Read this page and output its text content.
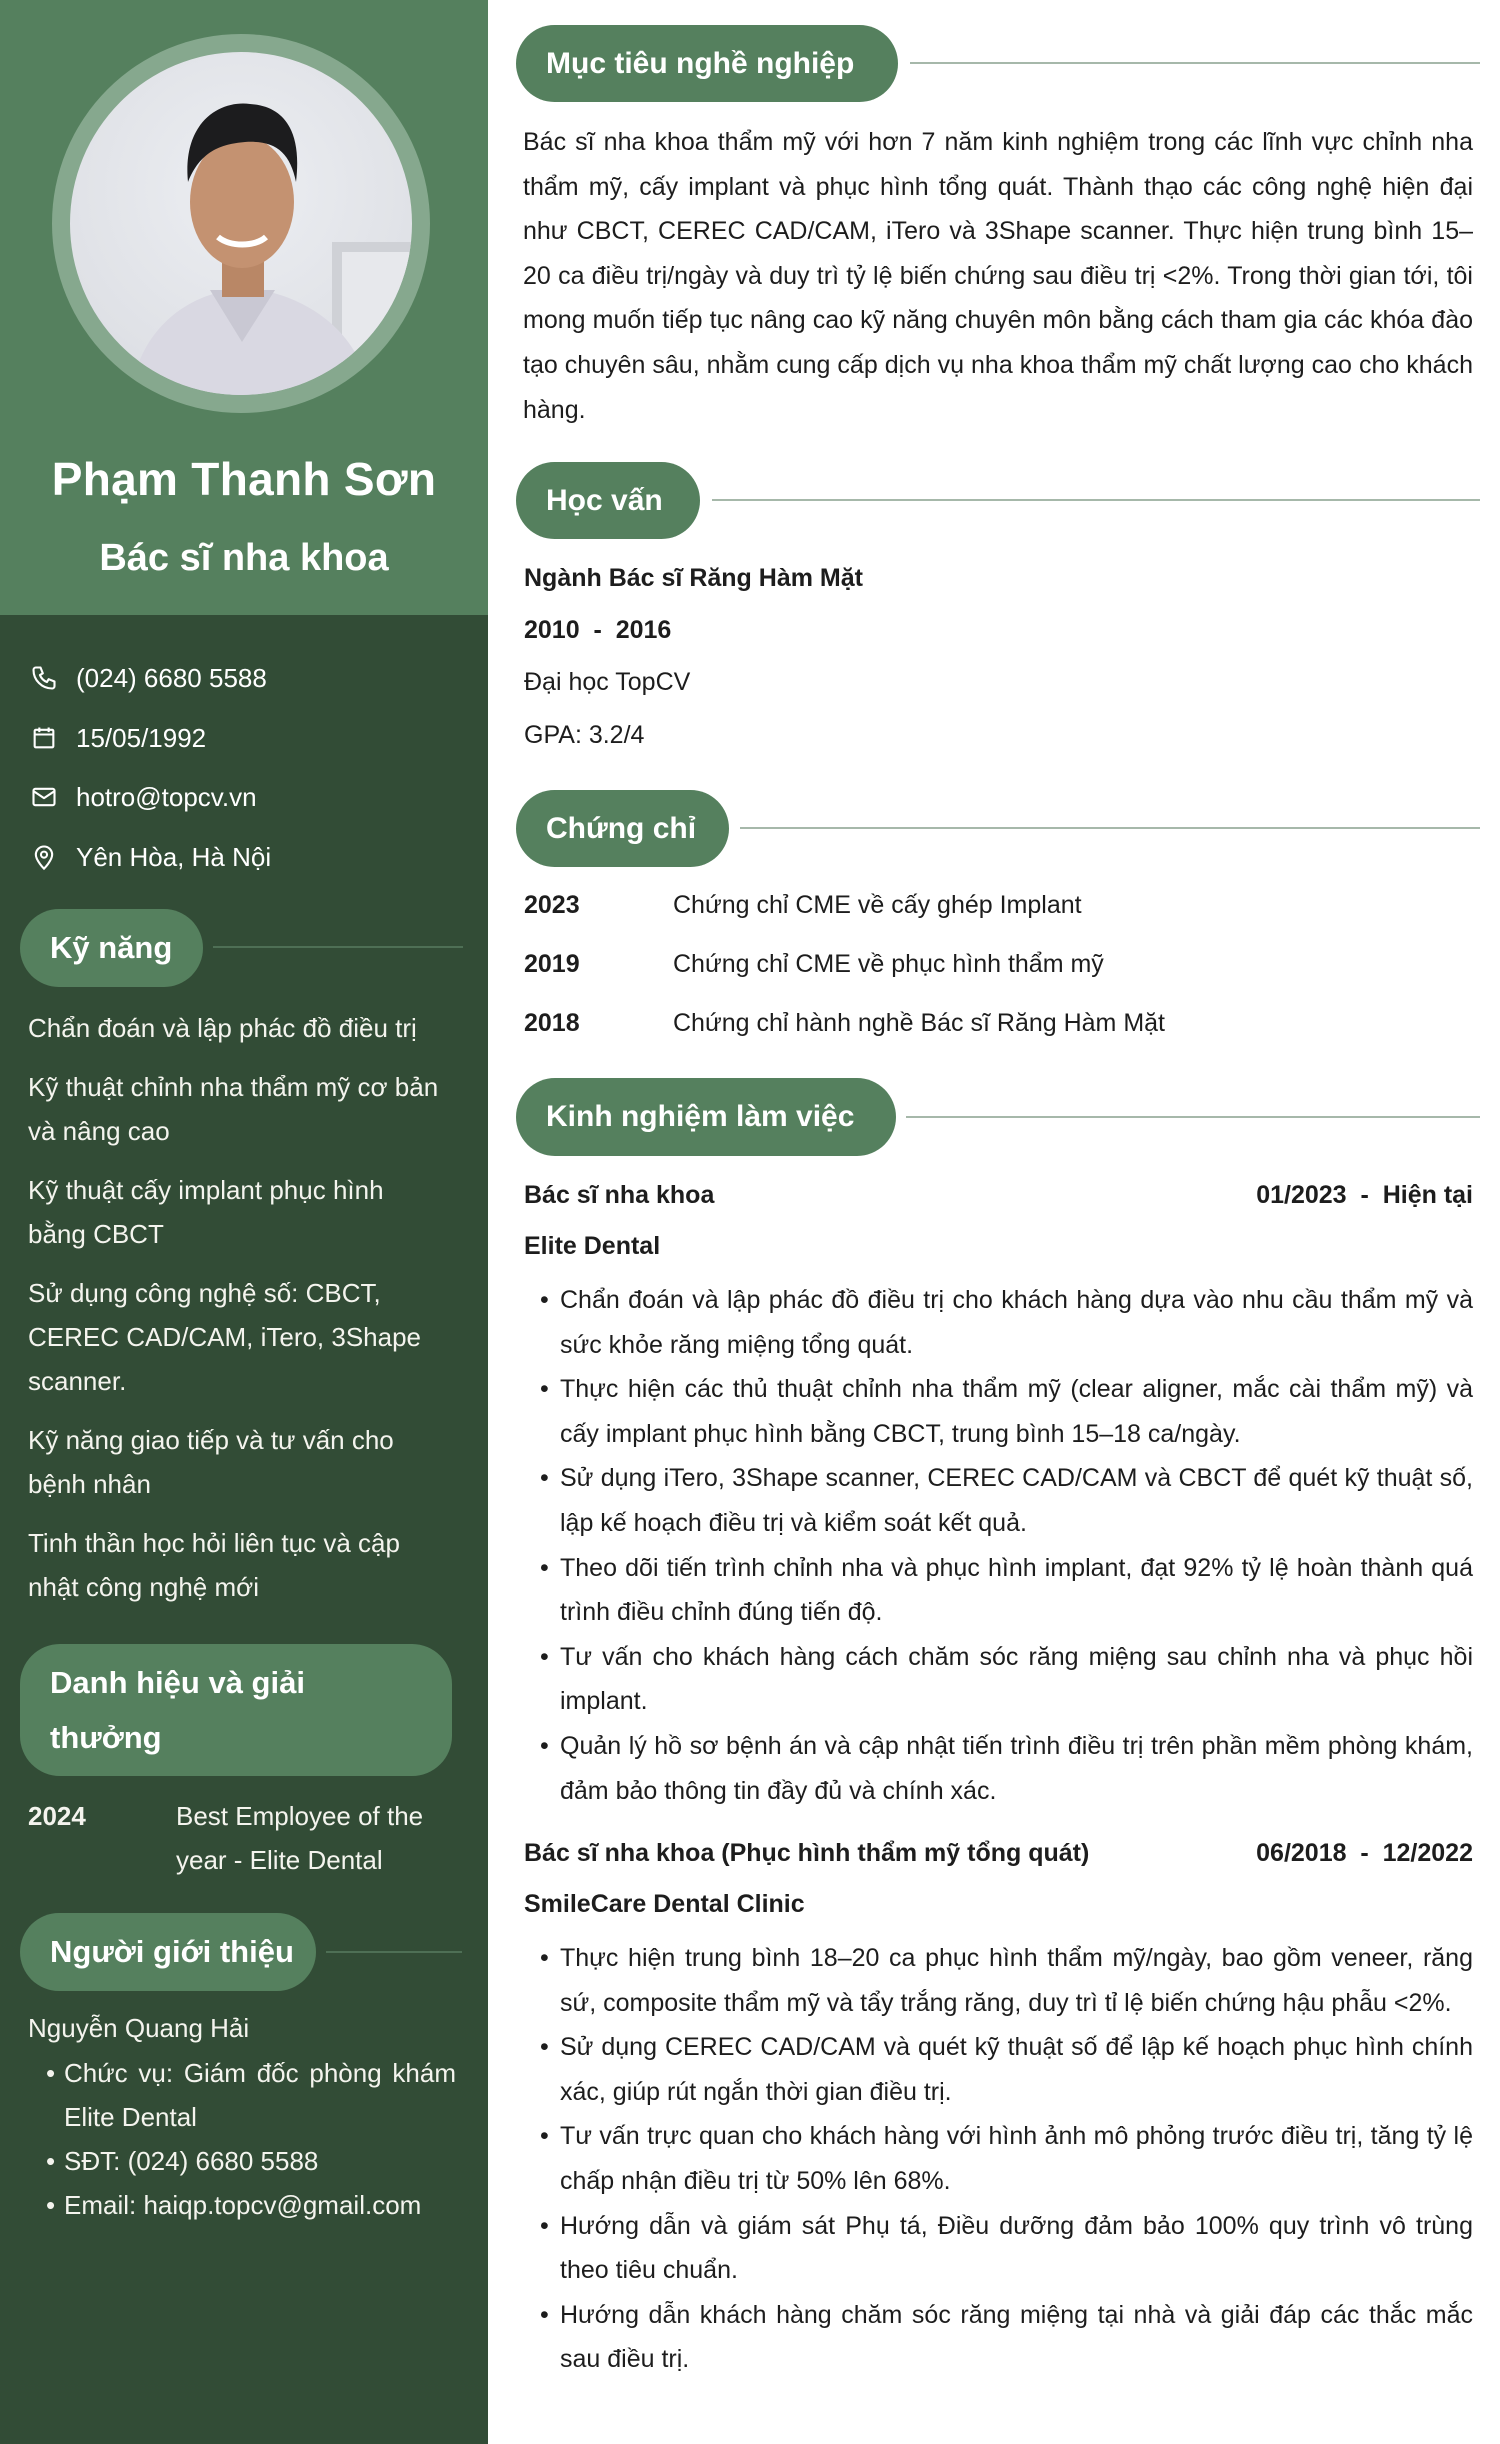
Phạm Thanh Sơn
Bác sĩ nha khoa
(024) 6680 5588
15/05/1992
hotro@topcv.vn
Yên Hòa, Hà Nội
Kỹ năng
Chẩn đoán và lập phác đồ điều trị
Kỹ thuật chỉnh nha thẩm mỹ cơ bản và nâng cao
Kỹ thuật cấy implant phục hình bằng CBCT
Sử dụng công nghệ số: CBCT, CEREC CAD/CAM, iTero, 3Shape scanner.
Kỹ năng giao tiếp và tư vấn cho bệnh nhân
Tinh thần học hỏi liên tục và cập nhật công nghệ mới
Danh hiệu và giải thưởng
2024	Best Employee of the year - Elite Dental
Người giới thiệu
Nguyễn Quang Hải
• Chức vụ: Giám đốc phòng khám Elite Dental
• SĐT: (024) 6680 5588
• Email: haiqp.topcv@gmail.com
Mục tiêu nghề nghiệp

Bác sĩ nha khoa thẩm mỹ với hơn 7 năm kinh nghiệm trong các lĩnh vực chỉnh nha thẩm mỹ, cấy implant và phục hình tổng quát. Thành thạo các công nghệ hiện đại như CBCT, CEREC CAD/CAM, iTero và 3Shape scanner. Thực hiện trung bình 15–20 ca điều trị/ngày và duy trì tỷ lệ biến chứng sau điều trị <2%. Trong thời gian tới, tôi mong muốn tiếp tục nâng cao kỹ năng chuyên môn bằng cách tham gia các khóa đào tạo chuyên sâu, nhằm cung cấp dịch vụ nha khoa thẩm mỹ chất lượng cao cho khách hàng.

Học vấn
Ngành Bác sĩ Răng Hàm Mặt
2010  -  2016
Đại học TopCV
GPA: 3.2/4
Chứng chỉ
2023	Chứng chỉ CME về cấy ghép Implant
2019	Chứng chỉ CME về phục hình thẩm mỹ
2018	Chứng chỉ hành nghề Bác sĩ Răng Hàm Mặt
Kinh nghiệm làm việc
Bác sĩ nha khoa	01/2023  -  Hiện tại
Elite Dental
• Chẩn đoán và lập phác đồ điều trị cho khách hàng dựa vào nhu cầu thẩm mỹ và sức khỏe răng miệng tổng quát.
• Thực hiện các thủ thuật chỉnh nha thẩm mỹ (clear aligner, mắc cài thẩm mỹ) và cấy implant phục hình bằng CBCT, trung bình 15–18 ca/ngày.
• Sử dụng iTero, 3Shape scanner, CEREC CAD/CAM và CBCT để quét kỹ thuật số, lập kế hoạch điều trị và kiểm soát kết quả.
• Theo dõi tiến trình chỉnh nha và phục hình implant, đạt 92% tỷ lệ hoàn thành quá trình điều chỉnh đúng tiến độ.
• Tư vấn cho khách hàng cách chăm sóc răng miệng sau chỉnh nha và phục hồi implant.
• Quản lý hồ sơ bệnh án và cập nhật tiến trình điều trị trên phần mềm phòng khám, đảm bảo thông tin đầy đủ và chính xác.
Bác sĩ nha khoa (Phục hình thẩm mỹ tổng quát)	06/2018  -  12/2022
SmileCare Dental Clinic
• Thực hiện trung bình 18–20 ca phục hình thẩm mỹ/ngày, bao gồm veneer, răng sứ, composite thẩm mỹ và tẩy trắng răng, duy trì tỉ lệ biến chứng hậu phẫu <2%.
• Sử dụng CEREC CAD/CAM và quét kỹ thuật số để lập kế hoạch phục hình chính xác, giúp rút ngắn thời gian điều trị.
• Tư vấn trực quan cho khách hàng với hình ảnh mô phỏng trước điều trị, tăng tỷ lệ chấp nhận điều trị từ 50% lên 68%.
• Hướng dẫn và giám sát Phụ tá, Điều dưỡng đảm bảo 100% quy trình vô trùng theo tiêu chuẩn.
• Hướng dẫn khách hàng chăm sóc răng miệng tại nhà và giải đáp các thắc mắc sau điều trị.
